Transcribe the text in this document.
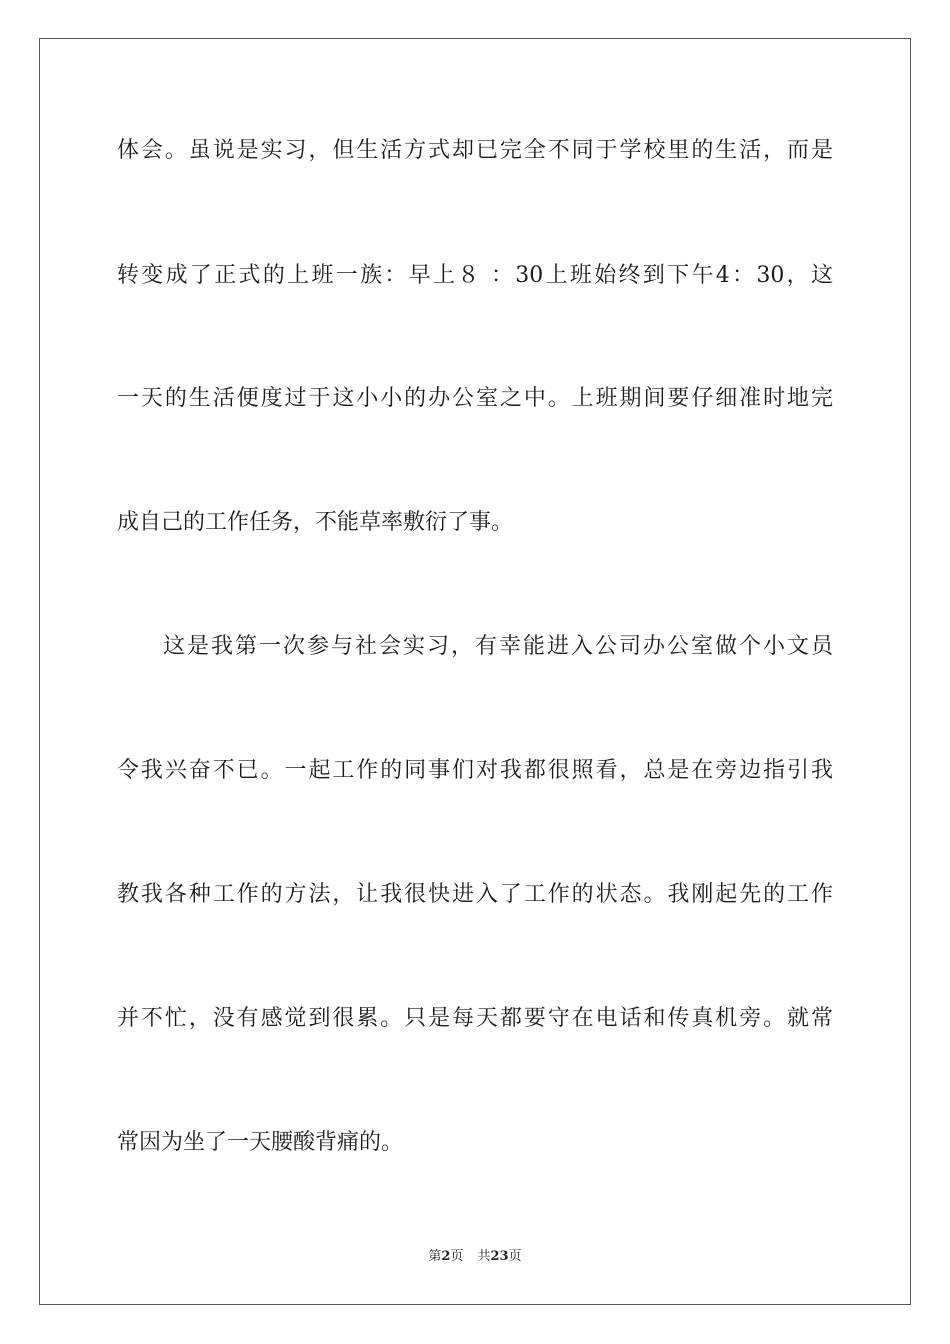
体会。虽说是实习，但生活方式却已完全不同于学校里的生活，而是
转变成了正式的上班一族：早上８ ：30上班始终到下午4：30，这
一天的生活便度过于这小小的办公室之中。上班期间要仔细准时地完
成自己的工作任务，不能草率敷衍了事。
这是我第一次参与社会实习，有幸能进入公司办公室做个小文员
令我兴奋不已。一起工作的同事们对我都很照看，总是在旁边指引我
教我各种工作的方法，让我很快进入了工作的状态。我刚起先的工作
并不忙，没有感觉到很累。只是每天都要守在电话和传真机旁。就常
常因为坐了一天腰酸背痛的。
第2页 共23页
